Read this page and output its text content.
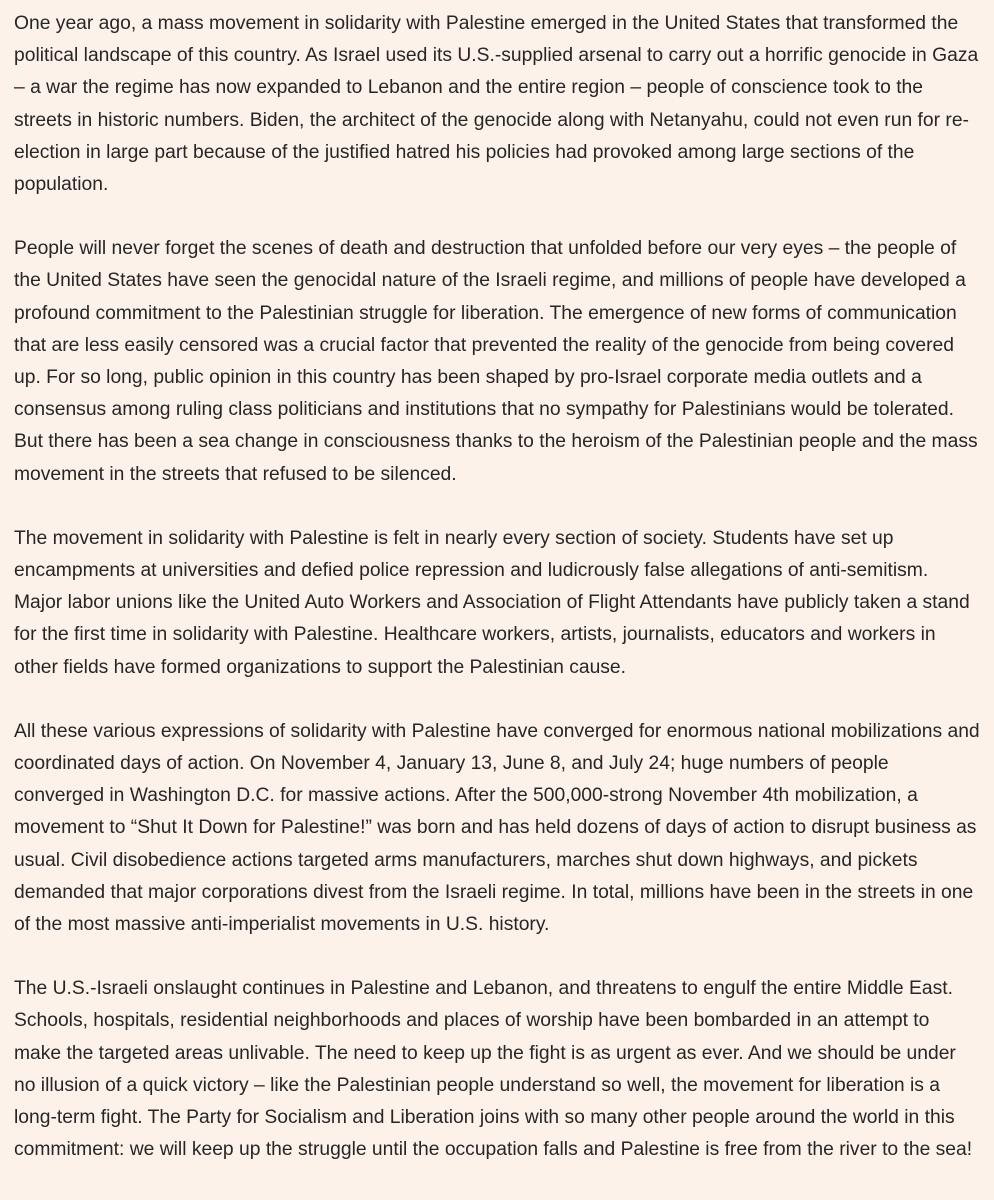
One year ago, a mass movement in solidarity with Palestine emerged in the United States that transformed the political landscape of this country. As Israel used its U.S.-supplied arsenal to carry out a horrific genocide in Gaza – a war the regime has now expanded to Lebanon and the entire region – people of conscience took to the streets in historic numbers. Biden, the architect of the genocide along with Netanyahu, could not even run for re-election in large part because of the justified hatred his policies had provoked among large sections of the population.

People will never forget the scenes of death and destruction that unfolded before our very eyes – the people of the United States have seen the genocidal nature of the Israeli regime, and millions of people have developed a profound commitment to the Palestinian struggle for liberation. The emergence of new forms of communication that are less easily censored was a crucial factor that prevented the reality of the genocide from being covered up. For so long, public opinion in this country has been shaped by pro-Israel corporate media outlets and a consensus among ruling class politicians and institutions that no sympathy for Palestinians would be tolerated. But there has been a sea change in consciousness thanks to the heroism of the Palestinian people and the mass movement in the streets that refused to be silenced.

The movement in solidarity with Palestine is felt in nearly every section of society. Students have set up encampments at universities and defied police repression and ludicrously false allegations of anti-semitism. Major labor unions like the United Auto Workers and Association of Flight Attendants have publicly taken a stand for the first time in solidarity with Palestine. Healthcare workers, artists, journalists, educators and workers in other fields have formed organizations to support the Palestinian cause.

All these various expressions of solidarity with Palestine have converged for enormous national mobilizations and coordinated days of action. On November 4, January 13, June 8, and July 24; huge numbers of people converged in Washington D.C. for massive actions. After the 500,000-strong November 4th mobilization, a movement to “Shut It Down for Palestine!” was born and has held dozens of days of action to disrupt business as usual. Civil disobedience actions targeted arms manufacturers, marches shut down highways, and pickets demanded that major corporations divest from the Israeli regime. In total, millions have been in the streets in one of the most massive anti-imperialist movements in U.S. history.

The U.S.-Israeli onslaught continues in Palestine and Lebanon, and threatens to engulf the entire Middle East. Schools, hospitals, residential neighborhoods and places of worship have been bombarded in an attempt to make the targeted areas unlivable. The need to keep up the fight is as urgent as ever. And we should be under no illusion of a quick victory – like the Palestinian people understand so well, the movement for liberation is a long-term fight. The Party for Socialism and Liberation joins with so many other people around the world in this commitment: we will keep up the struggle until the occupation falls and Palestine is free from the river to the sea!
